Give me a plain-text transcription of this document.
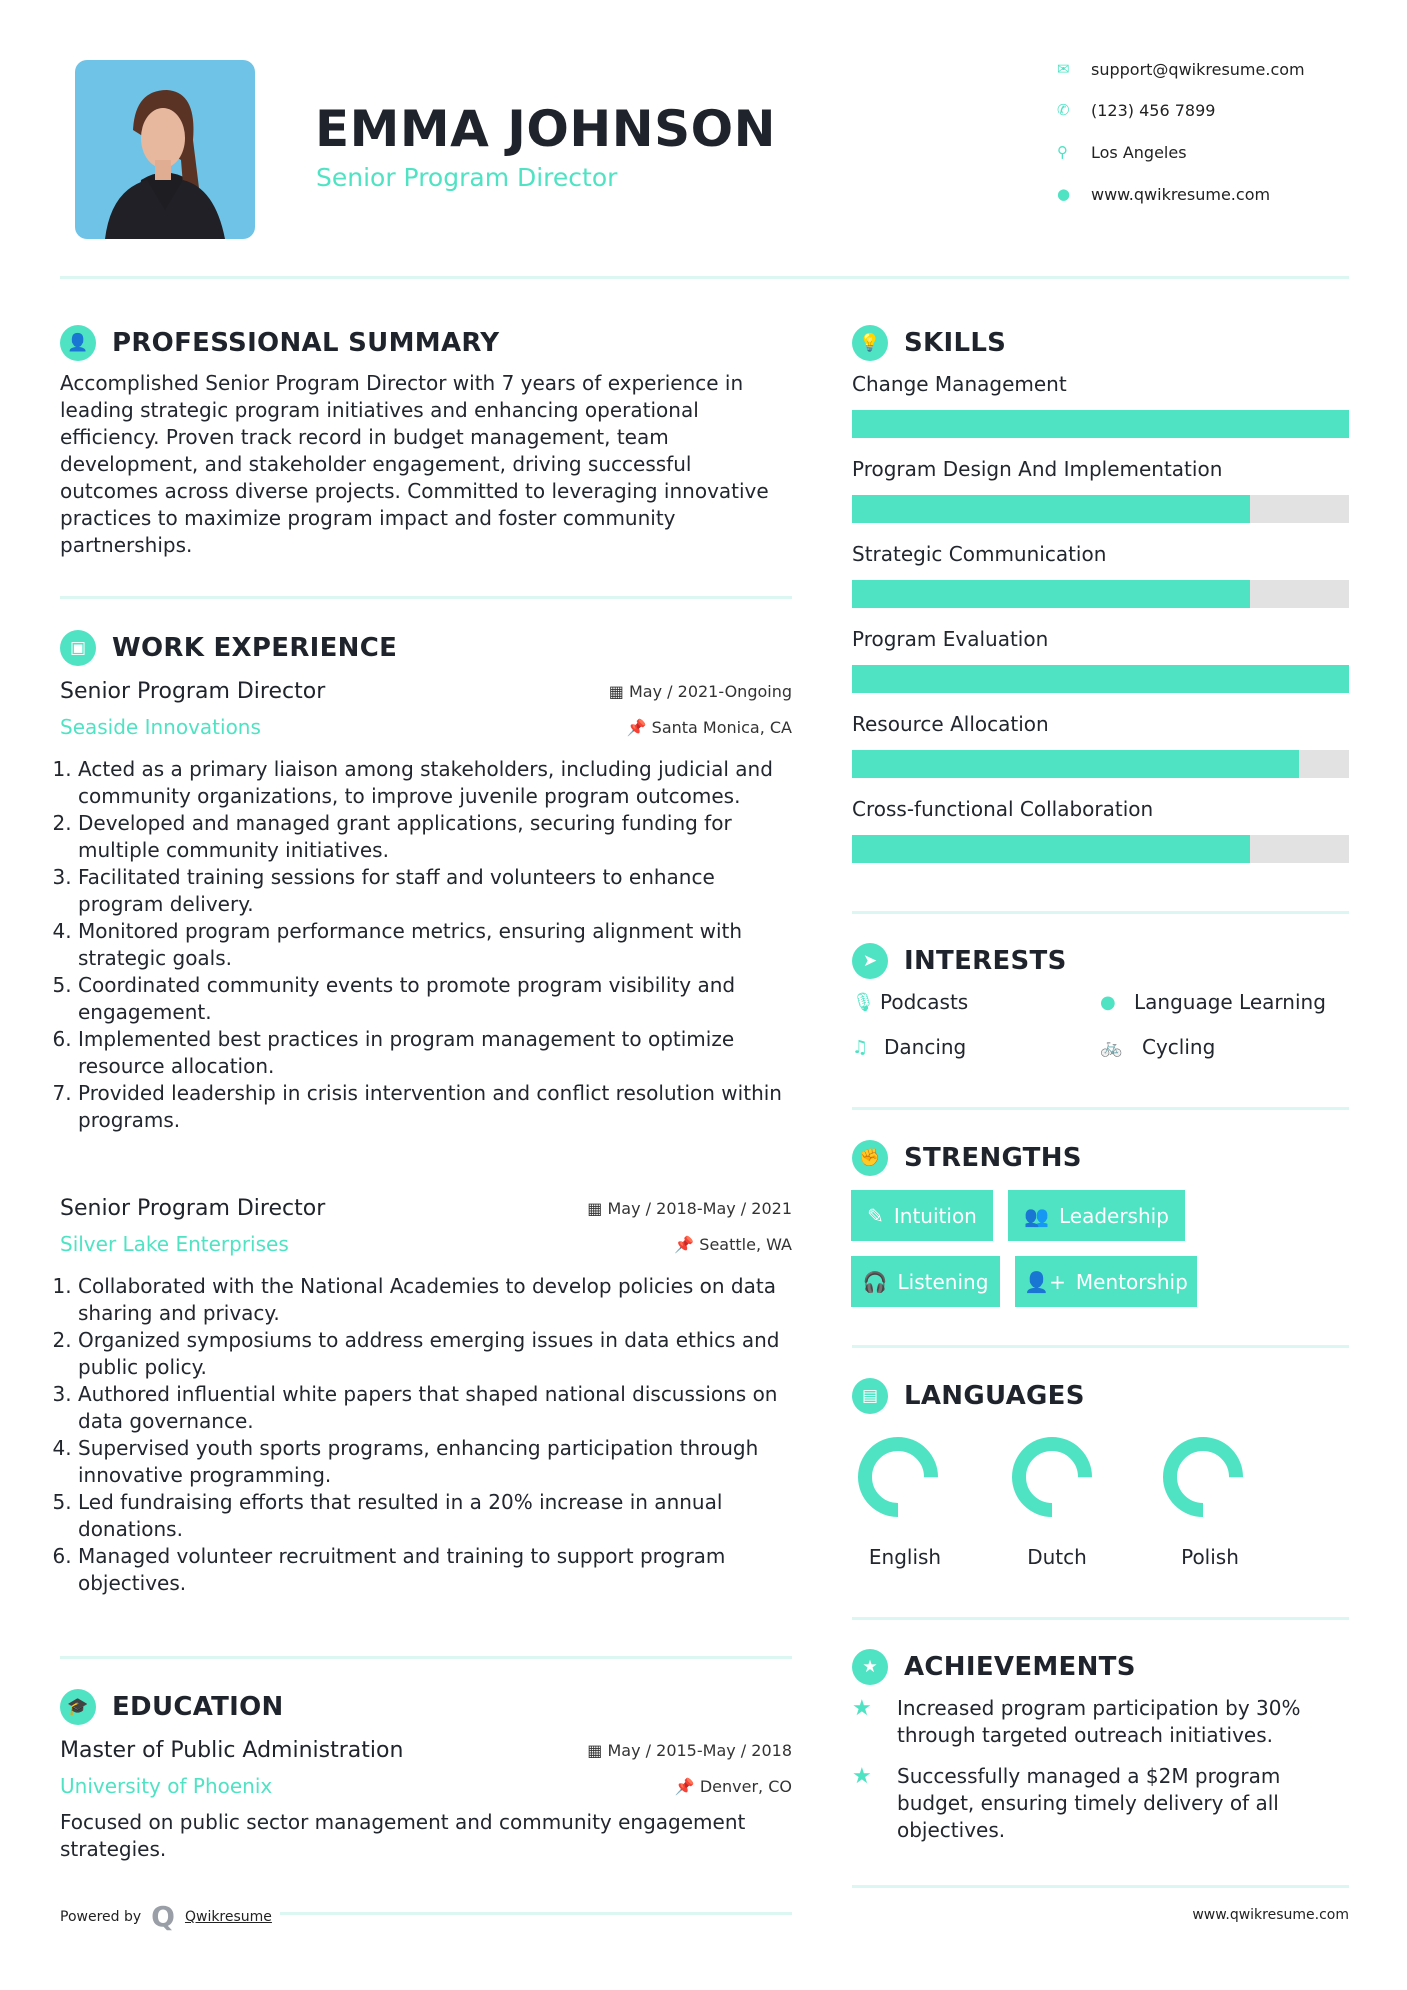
EMMA JOHNSON
Senior Program Director
✉	support@qwikresume.com
✆	(123) 456 7899
⚲	Los Angeles
●	www.qwikresume.com
👤 PROFESSIONAL SUMMARY
Accomplished Senior Program Director with 7 years of experience in leading strategic program initiatives and enhancing operational efficiency. Proven track record in budget management, team development, and stakeholder engagement, driving successful outcomes across diverse projects. Committed to leveraging innovative practices to maximize program impact and foster community partnerships.
▣ WORK EXPERIENCE
Senior Program Director	▦ May / 2021-Ongoing
Seaside Innovations	📌 Santa Monica, CA
1. Acted as a primary liaison among stakeholders, including judicial and community organizations, to improve juvenile program outcomes.
2. Developed and managed grant applications, securing funding for multiple community initiatives.
3. Facilitated training sessions for staff and volunteers to enhance program delivery.
4. Monitored program performance metrics, ensuring alignment with strategic goals.
5. Coordinated community events to promote program visibility and engagement.
6. Implemented best practices in program management to optimize resource allocation.
7. Provided leadership in crisis intervention and conflict resolution within programs.
Senior Program Director	▦ May / 2018-May / 2021
Silver Lake Enterprises	📌 Seattle, WA
1. Collaborated with the National Academies to develop policies on data sharing and privacy.
2. Organized symposiums to address emerging issues in data ethics and public policy.
3. Authored influential white papers that shaped national discussions on data governance.
4. Supervised youth sports programs, enhancing participation through innovative programming.
5. Led fundraising efforts that resulted in a 20% increase in annual donations.
6. Managed volunteer recruitment and training to support program objectives.
🎓 EDUCATION
Master of Public Administration	▦ May / 2015-May / 2018
University of Phoenix	📌 Denver, CO
Focused on public sector management and community engagement strategies.
Powered by Q Qwikresume
💡 SKILLS
Change Management
Program Design And Implementation
Strategic Communication
Program Evaluation
Resource Allocation
Cross-functional Collaboration
➤	INTERESTS
🎙 Podcasts	● Language Learning
♫ Dancing	🚲 Cycling
✊ STRENGTHS
✎ Intuition 👥 Leadership
🎧 Listening 👤+ Mentorship
▤ LANGUAGES
English	Dutch	Polish
★	ACHIEVEMENTS
★	Increased program participation by 30% through targeted outreach initiatives.
★	Successfully managed a $2M program budget, ensuring timely delivery of all objectives.
www.qwikresume.com
